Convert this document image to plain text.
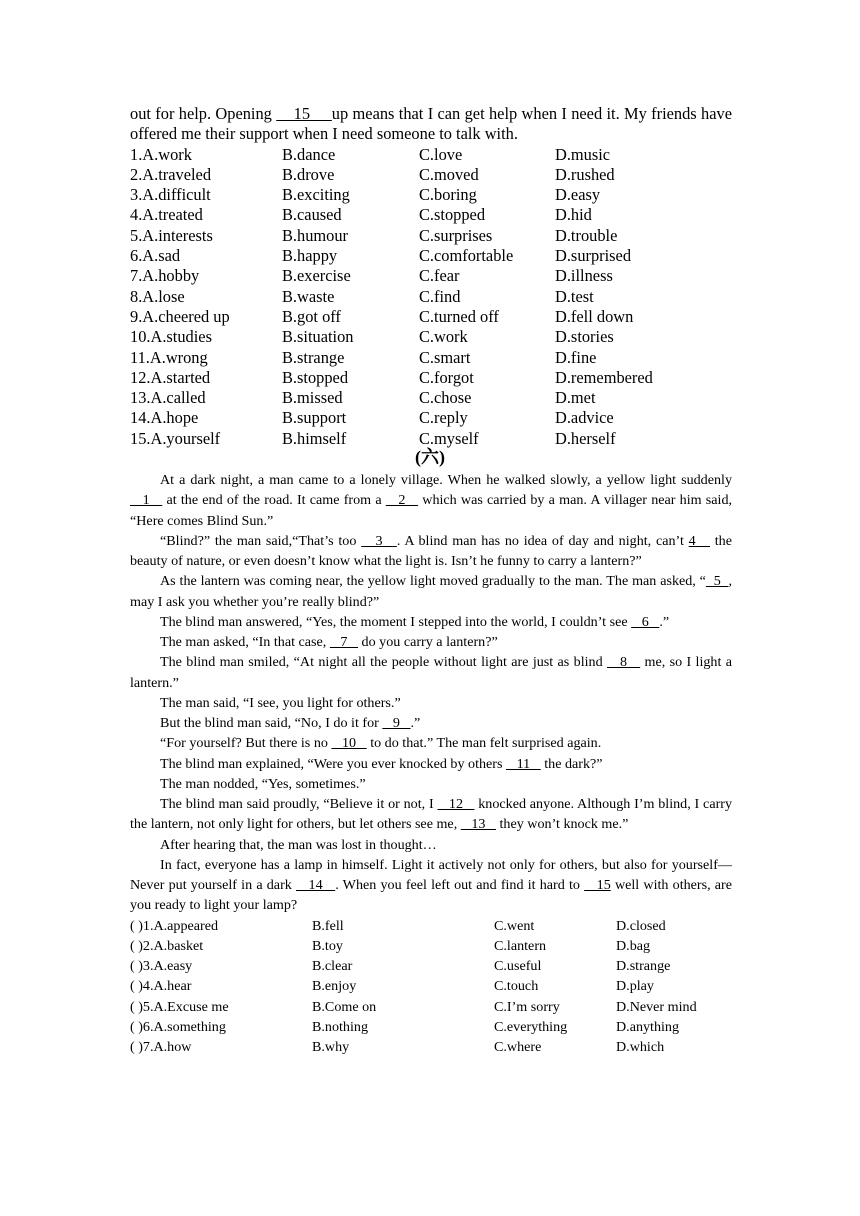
out for help. Opening     15     up means that I can get help when I need it. My friends have offered me their support when I need someone to talk with.

1.A.work	B.dance	C.love	D.music
2.A.traveled	B.drove	C.moved	D.rushed
3.A.difficult	B.exciting	C.boring	D.easy
4.A.treated	B.caused	C.stopped	D.hid
5.A.interests	B.humour	C.surprises	D.trouble
6.A.sad	B.happy	C.comfortable	D.surprised
7.A.hobby	B.exercise	C.fear	D.illness
8.A.lose	B.waste	C.find	D.test
9.A.cheered up	B.got off	C.turned off	D.fell down
10.A.studies	B.situation	C.work	D.stories
11.A.wrong	B.strange	C.smart	D.fine
12.A.started	B.stopped	C.forgot	D.remembered
13.A.called	B.missed	C.chose	D.met
14.A.hope	B.support	C.reply	D.advice
15.A.yourself	B.himself	C.myself	D.herself
(六)

At a dark night, a man came to a lonely village. When he walked slowly, a yellow light suddenly    1    at the end of the road. It came from a    2    which was carried by a man. A villager near him said, “Here comes Blind Sun.”

“Blind?” the man said,“That’s too    3   . A blind man has no idea of day and night, can’t 4    the beauty of nature, or even doesn’t know what the light is. Isn’t he funny to carry a lantern?”

As the lantern was coming near, the yellow light moved gradually to the man. The man asked, “  5  , may I ask you whether you’re really blind?”

The blind man answered, “Yes, the moment I stepped into the world, I couldn’t see    6   .”

The man asked, “In that case,    7    do you carry a lantern?”

The blind man smiled, “At night all the people without light are just as blind    8    me, so I light a lantern.”

The man said, “I see, you light for others.”

But the blind man said, “No, I do it for    9   .”

“For yourself? But there is no    10    to do that.” The man felt surprised again.

The blind man explained, “Were you ever knocked by others    11    the dark?”

The man nodded, “Yes, sometimes.”

The blind man said proudly, “Believe it or not, I    12    knocked anyone. Although I’m blind, I carry the lantern, not only light for others, but let others see me,    13    they won’t knock me.”

After hearing that, the man was lost in thought…

In fact, everyone has a lamp in himself. Light it actively not only for others, but also for yourself—Never put yourself in a dark    14   . When you feel left out and find it hard to    15 well with others, are you ready to light your lamp?

( )1.A.appeared	B.fell	C.went	D.closed
( )2.A.basket	B.toy	C.lantern	D.bag
( )3.A.easy	B.clear	C.useful	D.strange
( )4.A.hear	B.enjoy	C.touch	D.play
( )5.A.Excuse me	B.Come on	C.I’m sorry	D.Never mind
( )6.A.something	B.nothing	C.everything	D.anything
( )7.A.how	B.why	C.where	D.which
